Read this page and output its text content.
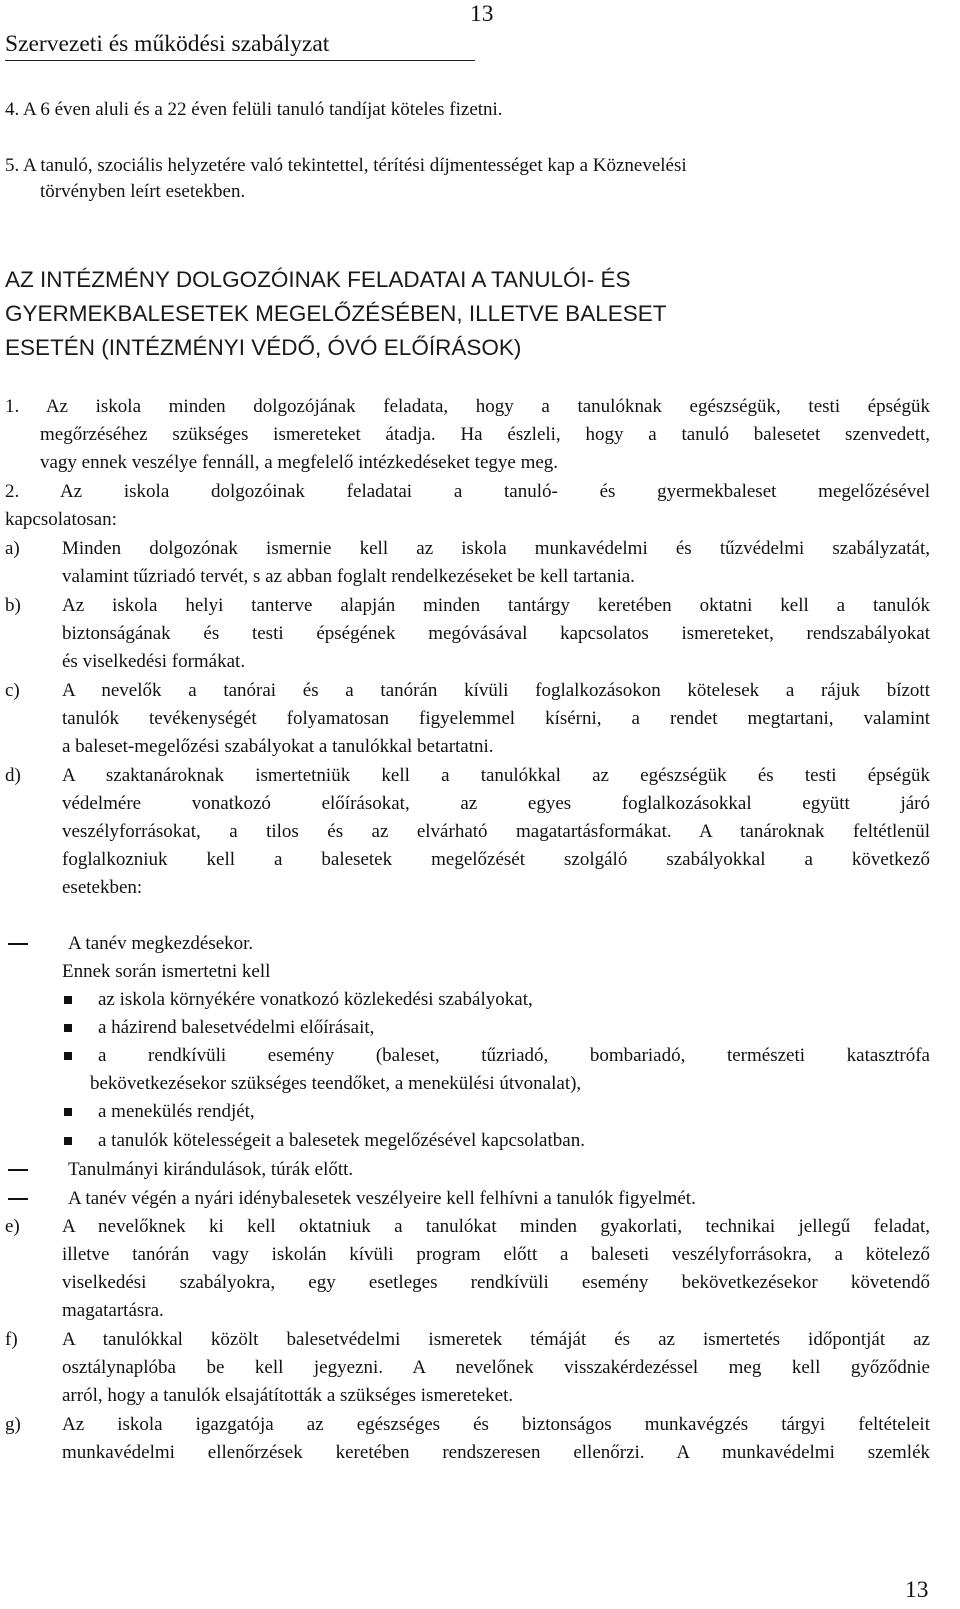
Szervezeti és működési szabályzat
13
4. A 6 éven aluli és a 22 éven felüli tanuló tandíjat köteles fizetni.
5. A tanuló, szociális helyzetére való tekintettel, térítési díjmentességet kap a Köznevelési
törvényben leírt esetekben.
AZ INTÉZMÉNY DOLGOZÓINAK FELADATAI A TANULÓI- ÉS
GYERMEKBALESETEK MEGELŐZÉSÉBEN, ILLETVE BALESET
ESETÉN (INTÉZMÉNYI VÉDŐ, ÓVÓ ELŐÍRÁSOK)
1. Az iskola minden dolgozójának feladata, hogy a tanulóknak egészségük, testi épségük
megőrzéséhez szükséges ismereteket átadja. Ha észleli, hogy a tanuló balesetet szenvedett,
vagy ennek veszélye fennáll, a megfelelő intézkedéseket tegye meg.
2. Az iskola dolgozóinak feladatai a tanuló- és gyermekbaleset megelőzésével
kapcsolatosan:
a) Minden dolgozónak ismernie kell az iskola munkavédelmi és tűzvédelmi szabályzatát,
valamint tűzriadó tervét, s az abban foglalt rendelkezéseket be kell tartania.
b) Az iskola helyi tanterve alapján minden tantárgy keretében oktatni kell a tanulók
biztonságának és testi épségének megóvásával kapcsolatos ismereteket, rendszabályokat
és viselkedési formákat.
c) A nevelők a tanórai és a tanórán kívüli foglalkozásokon kötelesek a rájuk bízott
tanulók tevékenységét folyamatosan figyelemmel kísérni, a rendet megtartani, valamint
a baleset-megelőzési szabályokat a tanulókkal betartatni.
d) A szaktanároknak ismertetniük kell a tanulókkal az egészségük és testi épségük
védelmére vonatkozó előírásokat, az egyes foglalkozásokkal együtt járó
veszélyforrásokat, a tilos és az elvárható magatartásformákat. A tanároknak feltétlenül
foglalkozniuk kell a balesetek megelőzését szolgáló szabályokkal a következő
esetekben:
A tanév megkezdésekor.
Ennek során ismertetni kell
az iskola környékére vonatkozó közlekedési szabályokat,
a házirend balesetvédelmi előírásait,
a rendkívüli esemény (baleset, tűzriadó, bombariadó, természeti katasztrófa
bekövetkezésekor szükséges teendőket, a menekülési útvonalat),
a menekülés rendjét,
a tanulók kötelességeit a balesetek megelőzésével kapcsolatban.
Tanulmányi kirándulások, túrák előtt.
A tanév végén a nyári idénybalesetek veszélyeire kell felhívni a tanulók figyelmét.
e) A nevelőknek ki kell oktatniuk a tanulókat minden gyakorlati, technikai jellegű feladat,
illetve tanórán vagy iskolán kívüli program előtt a baleseti veszélyforrásokra, a kötelező
viselkedési szabályokra, egy esetleges rendkívüli esemény bekövetkezésekor követendő
magatartásra.
f) A tanulókkal közölt balesetvédelmi ismeretek témáját és az ismertetés időpontját az
osztálynaplóba be kell jegyezni. A nevelőnek visszakérdezéssel meg kell győződnie
arról, hogy a tanulók elsajátították a szükséges ismereteket.
g) Az iskola igazgatója az egészséges és biztonságos munkavégzés tárgyi feltételeit
munkavédelmi ellenőrzések keretében rendszeresen ellenőrzi. A munkavédelmi szemlék
13
